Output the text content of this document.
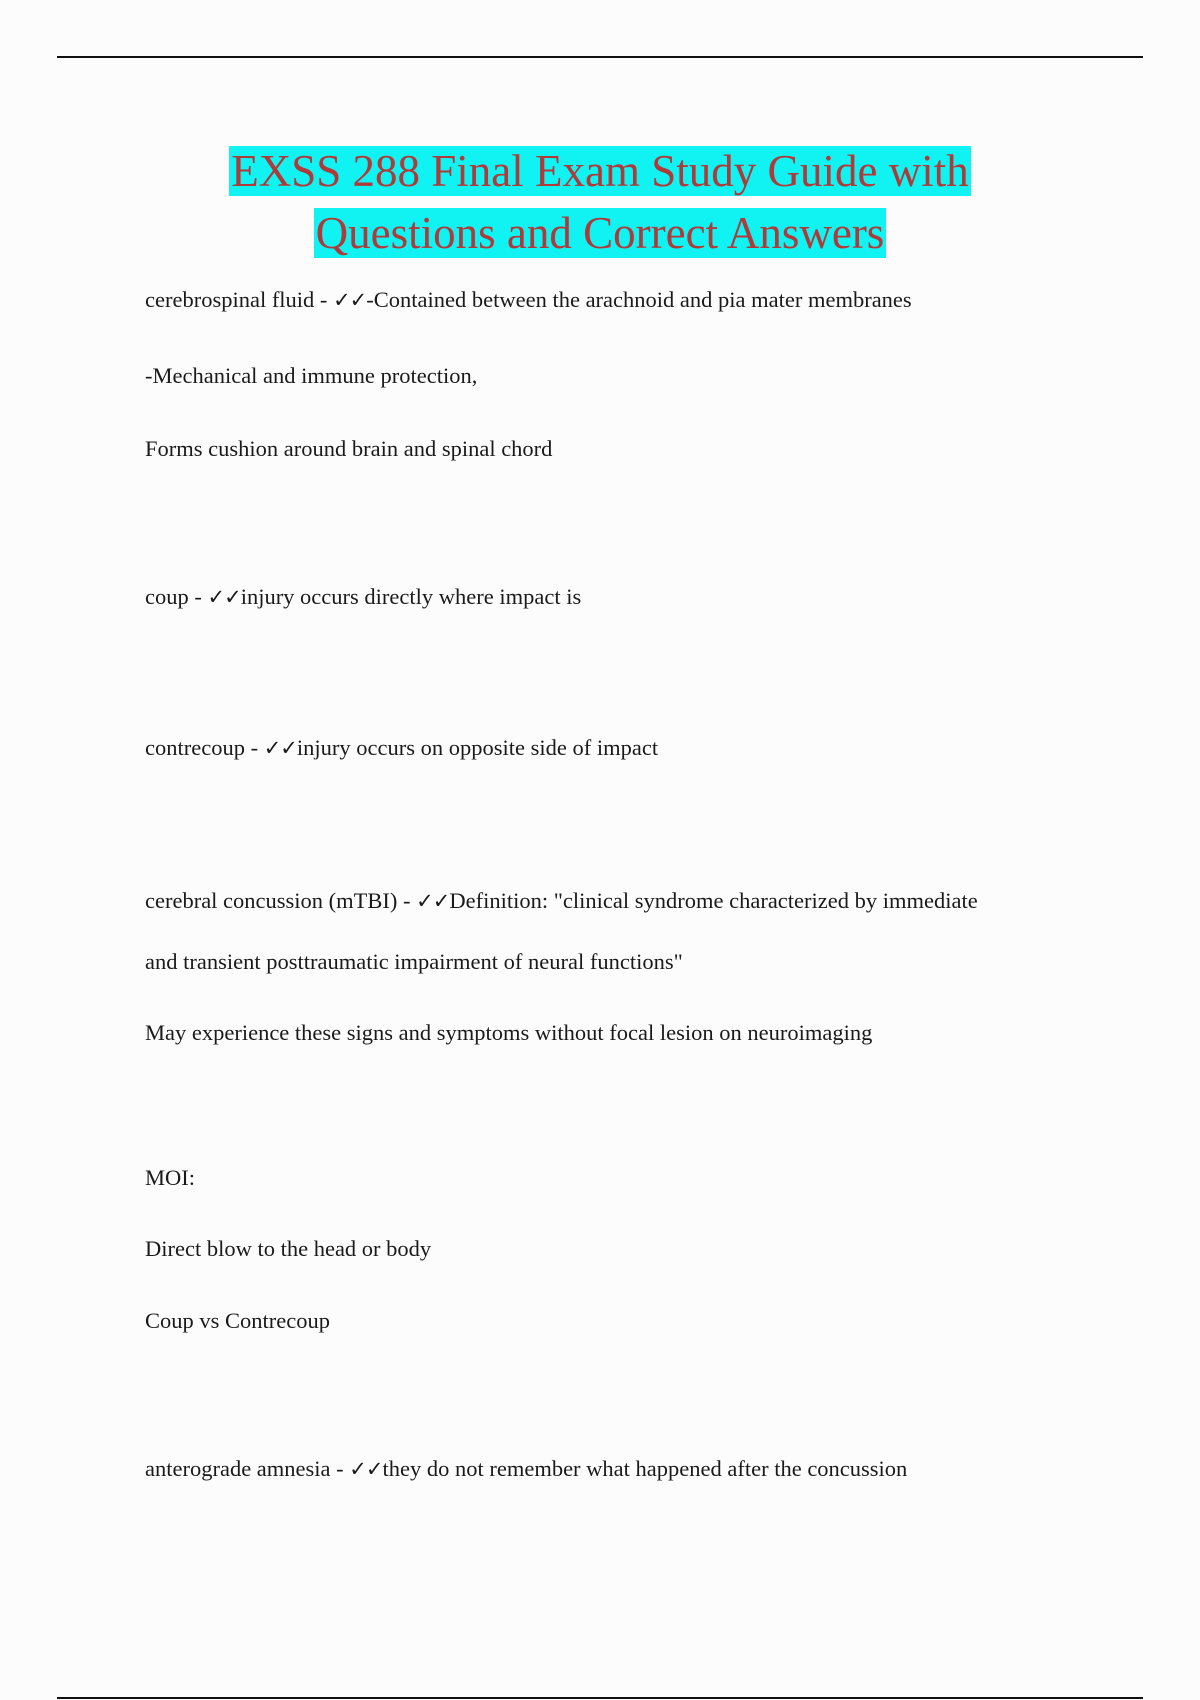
EXSS 288 Final Exam Study Guide with
Questions and Correct Answers
cerebrospinal fluid - ✓✓-Contained between the arachnoid and pia mater membranes
-Mechanical and immune protection,
Forms cushion around brain and spinal chord
coup - ✓✓injury occurs directly where impact is
contrecoup - ✓✓injury occurs on opposite side of impact
cerebral concussion (mTBI) - ✓✓Definition: "clinical syndrome characterized by immediate
and transient posttraumatic impairment of neural functions"
May experience these signs and symptoms without focal lesion on neuroimaging
MOI:
Direct blow to the head or body
Coup vs Contrecoup
anterograde amnesia - ✓✓they do not remember what happened after the concussion
